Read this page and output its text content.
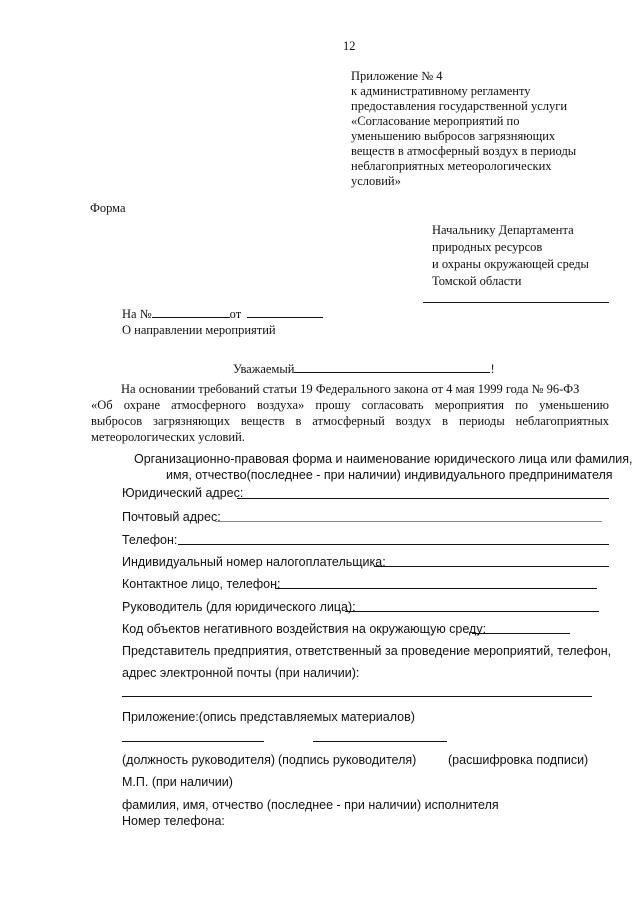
12
Приложение № 4
к административному регламенту
предоставления государственной услуги
«Согласование мероприятий по
уменьшению выбросов загрязняющих
веществ в атмосферный воздух в периоды
неблагоприятных метеорологических
условий»
Форма
Начальнику Департамента
природных ресурсов
и охраны окружающей среды
Томской области
На №	от
О направлении мероприятий
Уважаемый	!
На основании требований статьи 19 Федерального закона от 4 мая 1999 года № 96-ФЗ
«Об охране атмосферного воздуха» прошу согласовать мероприятия по уменьшению
выбросов загрязняющих веществ в атмосферный воздух в периоды неблагоприятных
метеорологических условий.
Организационно-правовая форма и наименование юридического лица или фамилия,
имя, отчество(последнее - при наличии) индивидуального предпринимателя
Юридический адрес:
Почтовый адрес:
Телефон:
Индивидуальный номер налогоплательщика:
Контактное лицо, телефон:
Руководитель (для юридического лица):
Код объектов негативного воздействия на окружающую среду:
Представитель предприятия, ответственный за проведение мероприятий, телефон,
адрес электронной почты (при наличии):
Приложение:(опись представляемых материалов)
(должность руководителя) (подпись руководителя)	(расшифровка подписи)
М.П. (при наличии)
фамилия, имя, отчество (последнее - при наличии) исполнителя
Номер телефона:
